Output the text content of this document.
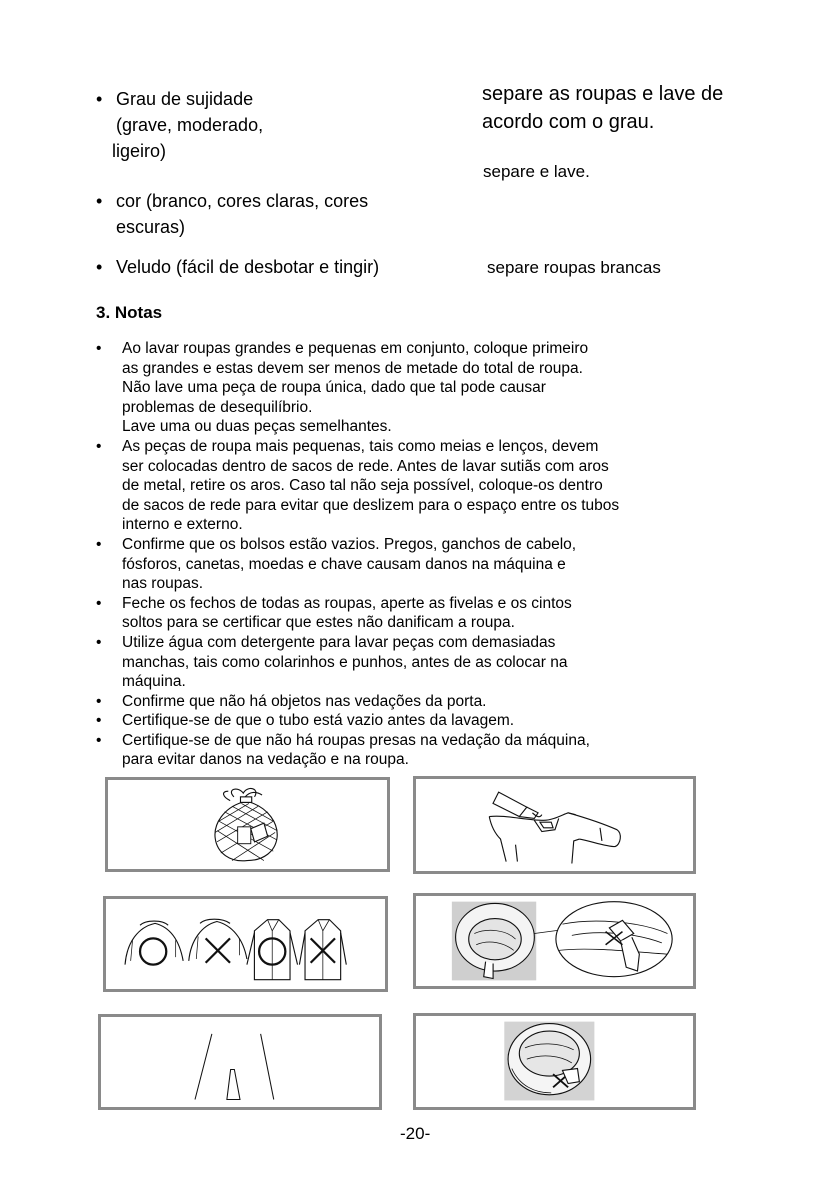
• Grau de sujidade
(grave, moderado,
ligeiro)
separe as roupas e lave de
acordo com o grau.
separe e lave.
• cor (branco, cores claras, cores
escuras)
• Veludo (fácil de desbotar e tingir)	separe roupas brancas
3. Notas
• Ao lavar roupas grandes e pequenas em conjunto, coloque primeiro
as grandes e estas devem ser menos de metade do total de roupa.
Não lave uma peça de roupa única, dado que tal pode causar
problemas de desequilíbrio.
Lave uma ou duas peças semelhantes.
• As peças de roupa mais pequenas, tais como meias e lenços, devem
ser colocadas dentro de sacos de rede. Antes de lavar sutiãs com aros
de metal, retire os aros. Caso tal não seja possível, coloque-os dentro
de sacos de rede para evitar que deslizem para o espaço entre os tubos
interno e externo.
• Confirme que os bolsos estão vazios. Pregos, ganchos de cabelo,
fósforos, canetas, moedas e chave causam danos na máquina e
nas roupas.
• Feche os fechos de todas as roupas, aperte as fivelas e os cintos
soltos para se certificar que estes não danificam a roupa.
• Utilize água com detergente para lavar peças com demasiadas
manchas, tais como colarinhos e punhos, antes de as colocar na
máquina.
• Confirme que não há objetos nas vedações da porta.
• Certifique-se de que o tubo está vazio antes da lavagem.
• Certifique-se de que não há roupas presas na vedação da máquina,
para evitar danos na vedação e na roupa.
-20-
